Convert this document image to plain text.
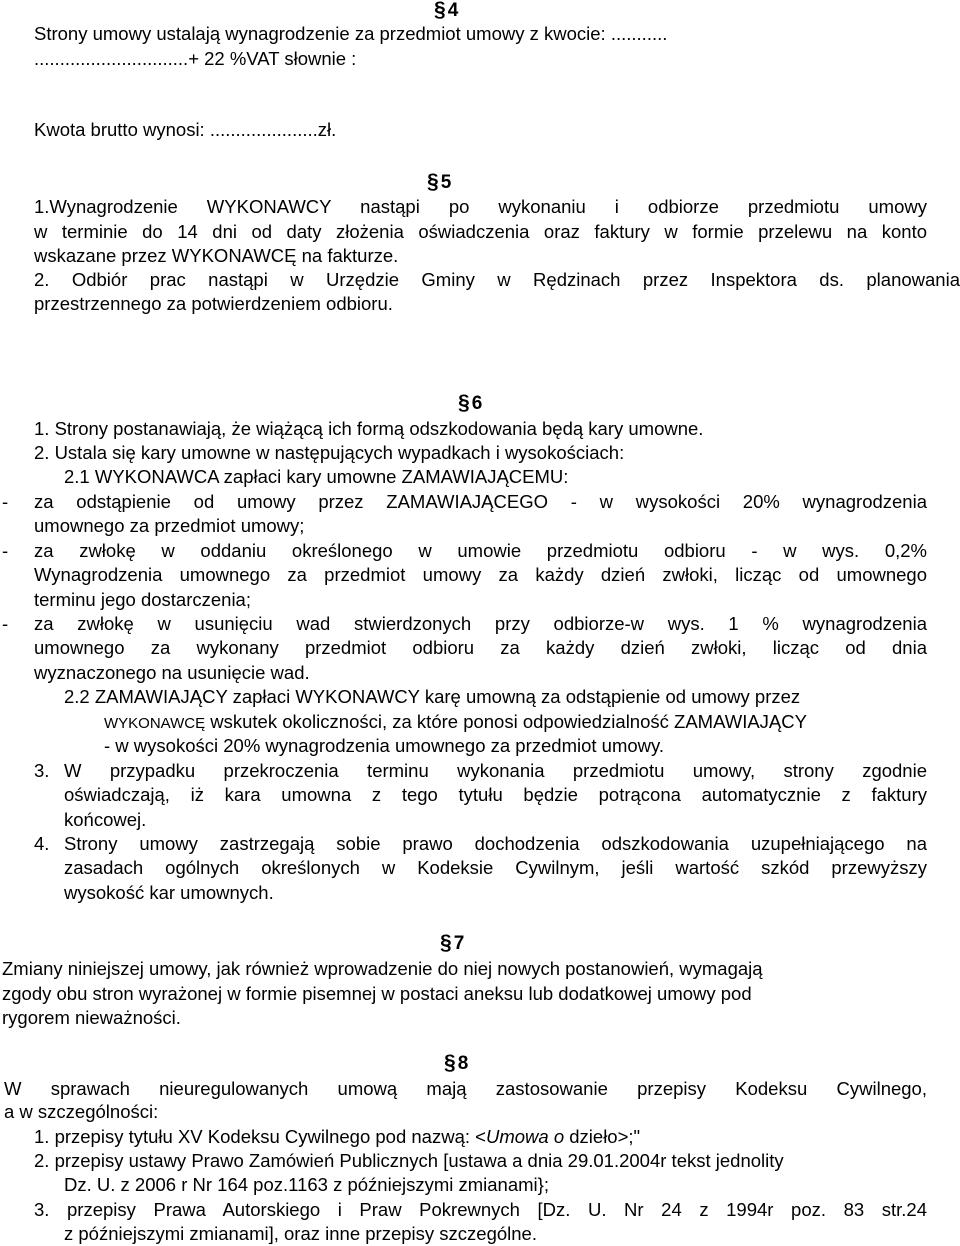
§ 4
Strony umowy ustalają wynagrodzenie za przedmiot umowy z kwocie: ...........
..............................+ 22 %VAT słownie :
Kwota brutto wynosi: .....................zł.
§ 5
1.Wynagrodzenie WYKONAWCY nastąpi po wykonaniu i odbiorze przedmiotu umowy
w terminie do 14 dni od daty złożenia oświadczenia oraz faktury w formie przelewu na konto
wskazane przez WYKONAWCĘ na fakturze.
2. Odbiór prac nastąpi w Urzędzie Gminy w Rędzinach przez Inspektora ds. planowania
przestrzennego za potwierdzeniem odbioru.
§ 6
1. Strony postanawiają, że wiążącą ich formą odszkodowania będą kary umowne.
2. Ustala się kary umowne w następujących wypadkach i wysokościach:
2.1 WYKONAWCA zapłaci kary umowne ZAMAWIAJĄCEMU:
- za odstąpienie od umowy przez ZAMAWIAJĄCEGO - w wysokości 20% wynagrodzenia
umownego za przedmiot umowy;
- za zwłokę w oddaniu określonego w umowie przedmiotu odbioru - w wys. 0,2%
Wynagrodzenia umownego za przedmiot umowy za każdy dzień zwłoki, licząc od umownego
terminu jego dostarczenia;
- za zwłokę w usunięciu wad stwierdzonych przy odbiorze-w wys. 1 % wynagrodzenia
umownego za wykonany przedmiot odbioru za każdy dzień zwłoki, licząc od dnia
wyznaczonego na usunięcie wad.
2.2 ZAMAWIAJĄCY zapłaci WYKONAWCY karę umowną za odstąpienie od umowy przez
WYKONAWCĘ wskutek okoliczności, za które ponosi odpowiedzialność ZAMAWIAJĄCY
- w wysokości 20% wynagrodzenia umownego za przedmiot umowy.
3. W przypadku przekroczenia terminu wykonania przedmiotu umowy, strony zgodnie
oświadczają, iż kara umowna z tego tytułu będzie potrącona automatycznie z faktury
końcowej.
4. Strony umowy zastrzegają sobie prawo dochodzenia odszkodowania uzupełniającego na
zasadach ogólnych określonych w Kodeksie Cywilnym, jeśli wartość szkód przewyższy
wysokość kar umownych.
§ 7
Zmiany niniejszej umowy, jak również wprowadzenie do niej nowych postanowień, wymagają
zgody obu stron wyrażonej w formie pisemnej w postaci aneksu lub dodatkowej umowy pod
rygorem nieważności.
§ 8
W sprawach nieuregulowanych umową mają zastosowanie przepisy Kodeksu Cywilnego,
a w szczególności:
1. przepisy tytułu XV Kodeksu Cywilnego pod nazwą: <Umowa o dzieło>;"
2. przepisy ustawy Prawo Zamówień Publicznych [ustawa a dnia 29.01.2004r tekst jednolity
Dz. U. z 2006 r Nr 164 poz.1163 z późniejszymi zmianami};
3. przepisy Prawa Autorskiego i Praw Pokrewnych [Dz. U. Nr 24 z 1994r poz. 83 str.24
z późniejszymi zmianami], oraz inne przepisy szczególne.
